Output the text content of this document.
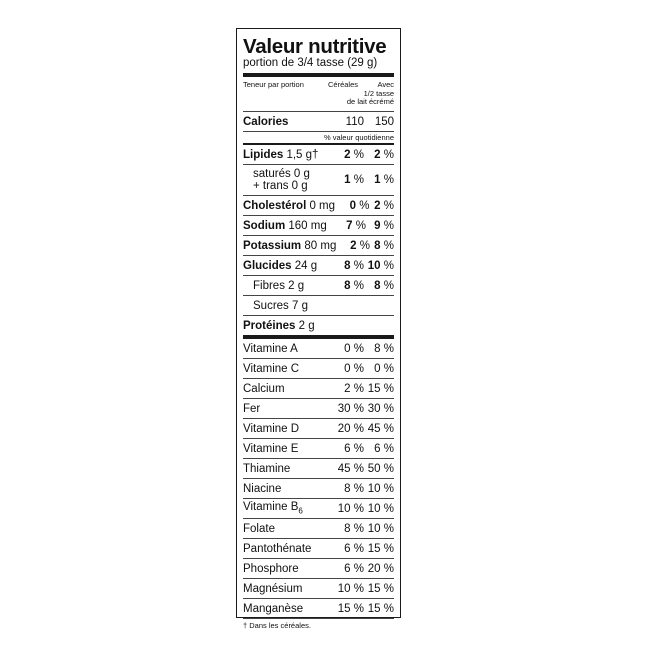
Valeur nutritive
portion de 3/4 tasse (29 g)
Teneur par portion	Céréales	Avec
1/2 tasse
de lait écrémé
Calories	110 150
% valeur quotidienne
Lipides 1,5 g†	2 % 2 %
saturés 0 g
+ trans 0 g	1 % 1 %
Cholestérol 0 mg	0 % 2 %
Sodium 160 mg	7 % 9 %
Potassium 80 mg	2 % 8 %
Glucides 24 g	8 % 10 %
Fibres 2 g	8 % 8 %
Sucres 7 g
Protéines 2 g
Vitamine A	0 % 8 %
Vitamine C	0 % 0 %
Calcium	2 % 15 %
Fer	30 % 30 %
Vitamine D	20 % 45 %
Vitamine E	6 % 6 %
Thiamine	45 % 50 %
Niacine	8 % 10 %
Vitamine $B_6$	10 % 10 %
Folate	8 % 10 %
Pantothénate	6 % 15 %
Phosphore	6 % 20 %
Magnésium	10 % 15 %
Manganèse	15 % 15 %
† Dans les céréales.
